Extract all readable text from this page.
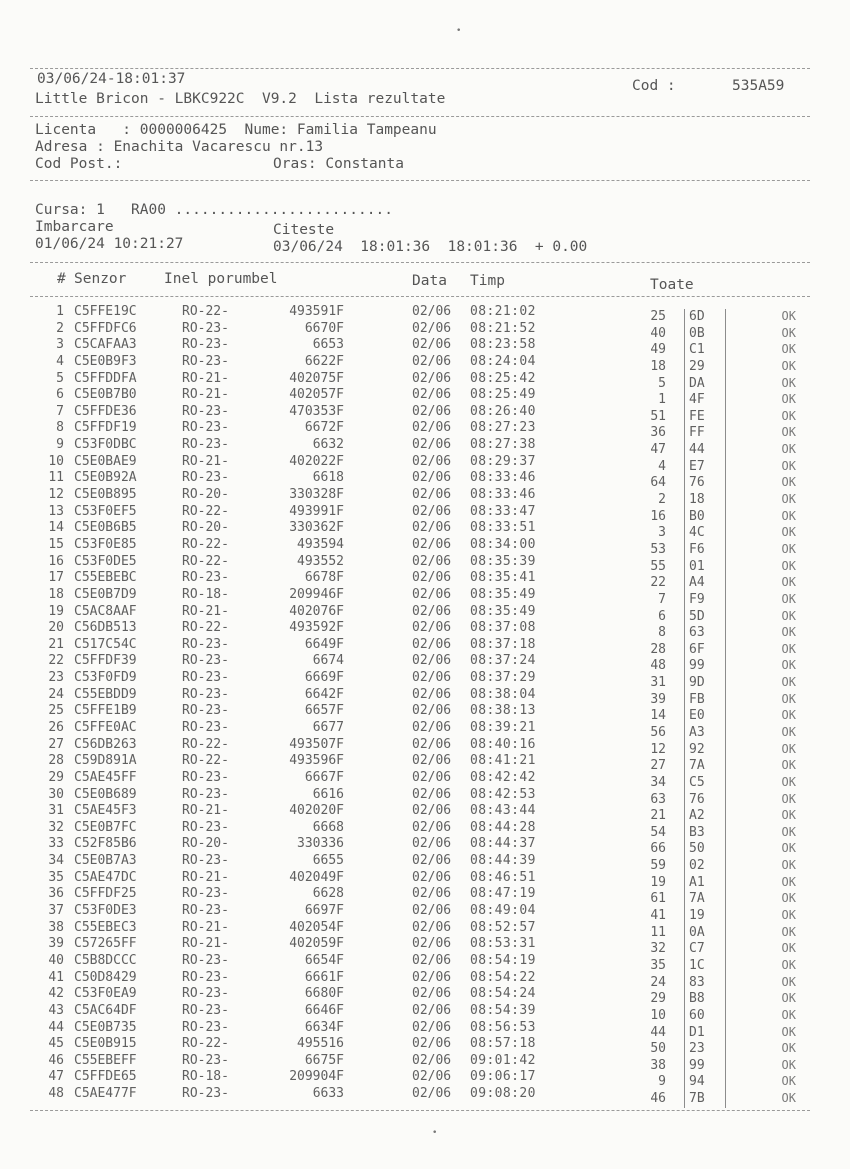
•
•
03/06/24-18:01:37
Little Bricon - LBKC922C  V9.2  Lista rezultate
Cod :	535A59
Licenta   : 0000006425  Nume: Familia Tampeanu
Adresa : Enachita Vacarescu nr.13
Cod Post.:	Oras: Constanta
Cursa: 1   RA00 .........................
Imbarcare	Citeste
01/06/24 10:21:27	03/06/24  18:01:36  18:01:36  + 0.00
# Senzor	Inel porumbel	Data Timp	Toate
1 C5FFE19C	RO-22-	493591F	02/06 08:21:02	25	6D	OK
2 C5FFDFC6	RO-23-	6670F	02/06 08:21:52	40	0B	OK
3 C5CAFAA3	RO-23-	6653	02/06 08:23:58	49	C1	OK
4 C5E0B9F3	RO-23-	6622F	02/06 08:24:04	18	29	OK
5 C5FFDDFA	RO-21-	402075F	02/06 08:25:42	5	DA	OK
6 C5E0B7B0	RO-21-	402057F	02/06 08:25:49	1	4F	OK
7 C5FFDE36	RO-23-	470353F	02/06 08:26:40	51	FE	OK
8 C5FFDF19	RO-23-	6672F	02/06 08:27:23	36	FF	OK
9 C53F0DBC	RO-23-	6632	02/06 08:27:38	47	44	OK
10 C5E0BAE9	RO-21-	402022F	02/06 08:29:37	4	E7	OK
11 C5E0B92A	RO-23-	6618	02/06 08:33:46	64	76	OK
12 C5E0B895	RO-20-	330328F	02/06 08:33:46	2	18	OK
13 C53F0EF5	RO-22-	493991F	02/06 08:33:47	16	B0	OK
14 C5E0B6B5	RO-20-	330362F	02/06 08:33:51	3	4C	OK
15 C53F0E85	RO-22-	493594	02/06 08:34:00	53	F6	OK
16 C53F0DE5	RO-22-	493552	02/06 08:35:39	55	01	OK
17 C55EBEBC	RO-23-	6678F	02/06 08:35:41	22	A4	OK
18 C5E0B7D9	RO-18-	209946F	02/06 08:35:49	7	F9	OK
19 C5AC8AAF	RO-21-	402076F	02/06 08:35:49	6	5D	OK
20 C56DB513	RO-22-	493592F	02/06 08:37:08	8	63	OK
21 C517C54C	RO-23-	6649F	02/06 08:37:18	28	6F	OK
22 C5FFDF39	RO-23-	6674	02/06 08:37:24	48	99	OK
23 C53F0FD9	RO-23-	6669F	02/06 08:37:29	31	9D	OK
24 C55EBDD9	RO-23-	6642F	02/06 08:38:04	39	FB	OK
25 C5FFE1B9	RO-23-	6657F	02/06 08:38:13	14	E0	OK
26 C5FFE0AC	RO-23-	6677	02/06 08:39:21	56	A3	OK
27 C56DB263	RO-22-	493507F	02/06 08:40:16	12	92	OK
28 C59D891A	RO-22-	493596F	02/06 08:41:21	27	7A	OK
29 C5AE45FF	RO-23-	6667F	02/06 08:42:42	34	C5	OK
30 C5E0B689	RO-23-	6616	02/06 08:42:53	63	76	OK
31 C5AE45F3	RO-21-	402020F	02/06 08:43:44	21	A2	OK
32 C5E0B7FC	RO-23-	6668	02/06 08:44:28	54	B3	OK
33 C52F85B6	RO-20-	330336	02/06 08:44:37	66	50	OK
34 C5E0B7A3	RO-23-	6655	02/06 08:44:39	59	02	OK
35 C5AE47DC	RO-21-	402049F	02/06 08:46:51	19	A1	OK
36 C5FFDF25	RO-23-	6628	02/06 08:47:19	61	7A	OK
37 C53F0DE3	RO-23-	6697F	02/06 08:49:04	41	19	OK
38 C55EBEC3	RO-21-	402054F	02/06 08:52:57	11	0A	OK
39 C57265FF	RO-21-	402059F	02/06 08:53:31	32	C7	OK
40 C5B8DCCC	RO-23-	6654F	02/06 08:54:19	35	1C	OK
41 C50D8429	RO-23-	6661F	02/06 08:54:22	24	83	OK
42 C53F0EA9	RO-23-	6680F	02/06 08:54:24	29	B8	OK
43 C5AC64DF	RO-23-	6646F	02/06 08:54:39	10	60	OK
44 C5E0B735	RO-23-	6634F	02/06 08:56:53	44	D1	OK
45 C5E0B915	RO-22-	495516	02/06 08:57:18	50	23	OK
46 C55EBEFF	RO-23-	6675F	02/06 09:01:42	38	99	OK
47 C5FFDE65	RO-18-	209904F	02/06 09:06:17	9	94	OK
48 C5AE477F	RO-23-	6633	02/06 09:08:20	46	7B	OK
